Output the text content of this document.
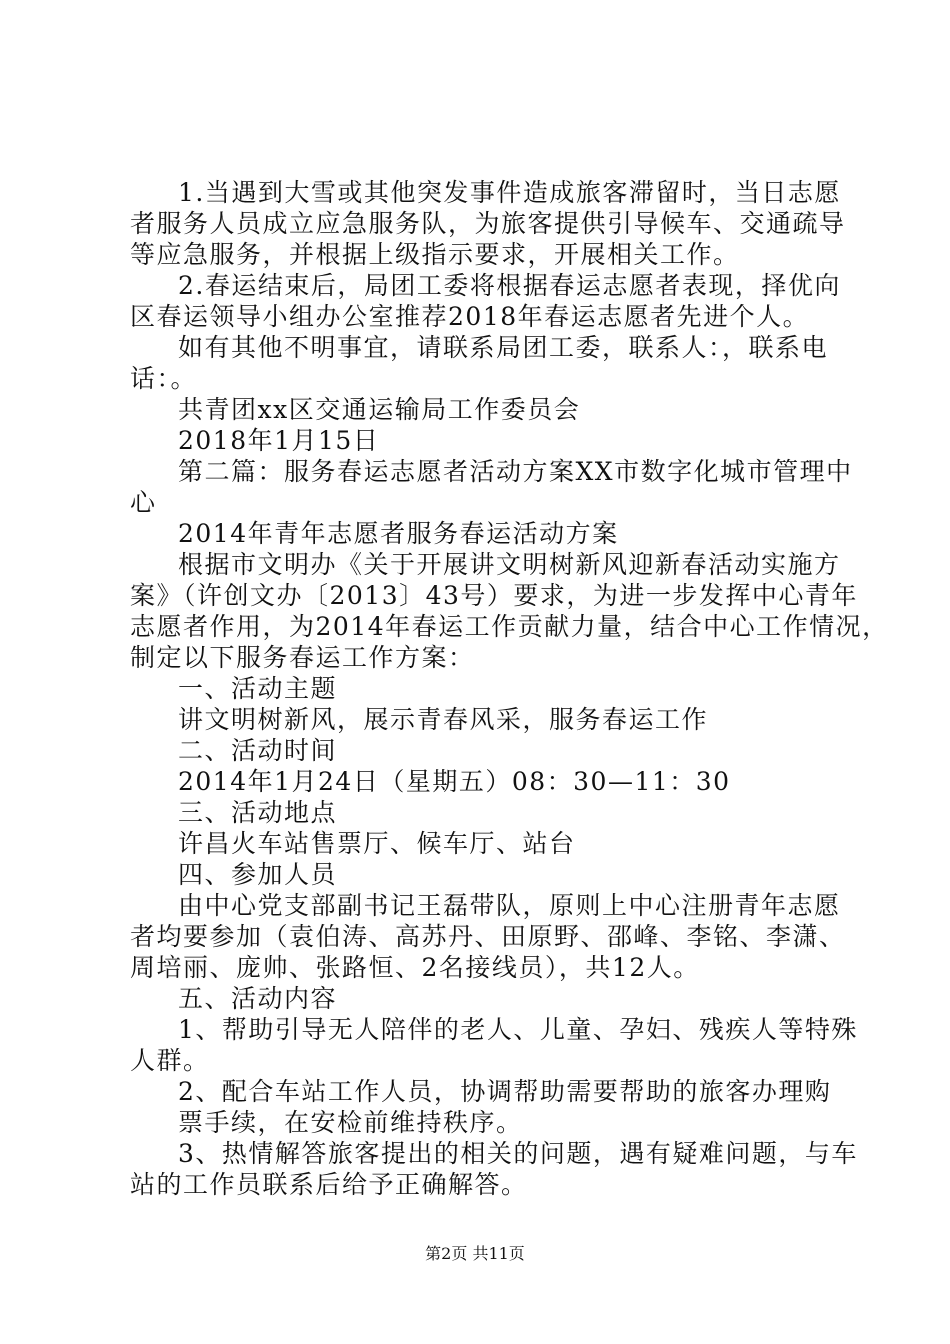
1.当遇到大雪或其他突发事件造成旅客滞留时，当日志愿
者服务人员成立应急服务队，为旅客提供引导候车、交通疏导
等应急服务，并根据上级指示要求，开展相关工作。
2.春运结束后，局团工委将根据春运志愿者表现，择优向
区春运领导小组办公室推荐2018年春运志愿者先进个人。
如有其他不明事宜，请联系局团工委，联系人：，联系电
话：。
共青团xx区交通运输局工作委员会
2018年1月15日
第二篇：服务春运志愿者活动方案XX市数字化城市管理中
心
2014年青年志愿者服务春运活动方案
根据市文明办《关于开展讲文明树新风迎新春活动实施方
案》（许创文办〔2013〕43号）要求，为进一步发挥中心青年
志愿者作用，为2014年春运工作贡献力量，结合中心工作情况，
制定以下服务春运工作方案：
一、活动主题
讲文明树新风，展示青春风采，服务春运工作
二、活动时间
2014年1月24日（星期五）08：30—11：30
三、活动地点
许昌火车站售票厅、候车厅、站台
四、参加人员
由中心党支部副书记王磊带队，原则上中心注册青年志愿
者均要参加（袁伯涛、高苏丹、田原野、邵峰、李铭、李潇、
周培丽、庞帅、张路恒、2名接线员），共12人。
五、活动内容
1、帮助引导无人陪伴的老人、儿童、孕妇、残疾人等特殊
人群。
2、配合车站工作人员，协调帮助需要帮助的旅客办理购
票手续，在安检前维持秩序。
3、热情解答旅客提出的相关的问题，遇有疑难问题，与车
站的工作员联系后给予正确解答。
第2页 共11页
